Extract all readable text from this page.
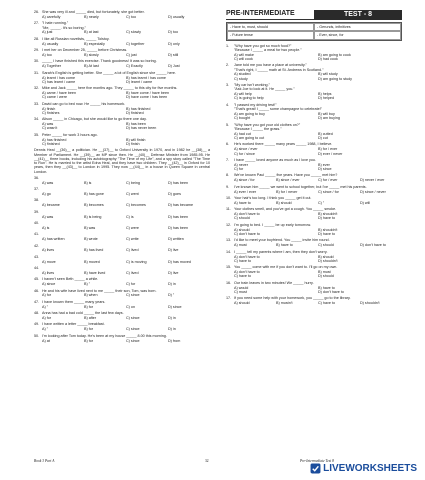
26. She was very ill and _____ died, but fortunately, she got better.
A) carefully	B) nearly	C) too	D) usually
27. "I hate running."
"Me, _____. It's so boring."
A) just	B) at last	C) slowly	D) too
28. I like all Russian novelists, _____ Tolstoy.
A) usually	B) especially	C) together	D) only
29. I met her on December 25, _____ before Christmas.
A) too	B) slowly	C) just	D) still
30. _____ I have finished this exercise. Thank goodness! It was so boring.
A) Together	B) At last	C) Exactly	D) Just
31. Sarah's English is getting better. She _____ a lot of English since she _____ here.
A) learnt / has come	B) has learnt / has come
C) has learnt / came	D) learnt / came
32. Mike and Jack _____ here five months ago. They _____ to this city for five months.
A) came / have been	B) have come / have been
C) came / were	D) have come / has been
33. David can go to bed now. He _____ his homework.
A) finish	B) has finished
C) finishes	D) finished
34. Alison _____ in Chicago, but she would like to go there one day.
A) was	B) has been
C) wasn't	D) has never been
35. Peter _____ for work 3 hours ago.
A) has finished	B) will finish
C) finished	D) finish
Dennis Heal __(36)__ a politician. He __(37)__ to Oxford University in 1970, and in 1982 he __(38)__ a Member of Parliament. He __(39)__ an MP since then. He __(40)__ Defense Minister from 1985-95. He __(41)__ three books, including his autobiography "The Time of my Life", and a spy story called "The Time to Run". He is married to the artist Edna Heal, and they have two children. They __(42)__ in Oxford for 10 years, then they __(43)__ to London in 1995. They now __(44)__ in a house in Queen Square in central London.
36.
A) was	B) is	C) being	D) has been
37.
A) go	B) has gone	C) went	D) goes
38.
A) became	B) becomes	C) becomes	D) has became
39.
A) was	B) is being	C) is	D) has been
40.
A) is	B) was	C) were	D) has been
41.
A) has written	B) wrote	C) write	D) written
42.
A) lives	B) has lived	C) lived	D) live
43.
A) move	B) moved	C) is moving	D) has moved
44.
A) lives	B) have lived	C) lived	D) live
45. I haven't seen Beth _____ a while.
A) since	B) "	C) for	D) in
46. He and his wife have lived next to me _____ their son, Tom, was born.
A) for	B) when	C) since	D) "
47. I have known them _____ many years.
A) "	B) for	C) on	D) since
48. Anna has had a bad cold _____ the last few days.
A) for	B) after	C) since	D) in
49. I have written a letter _____ breakfast.
A) "	B) for	C) since	D) in
50. I'm looking after Tom today. He's been at my house _____ 8.00 this morning.
A) at	B) for	C) since	D) from
PRE-INTERMEDIATE	TEST - 8
- Have to, must, should	- Gerunds, infinitives
- Future tense	- Ever, since, for
1.	"Why have you got so much food?"
"Because I _____ a meal for two people."
A) will make	B) am going to cook
C) will cook	D) had cook
2.	Jane told me you have a place at university."
"That's right, I _____ math at St. Andrews in Scotland."
A) studied	B) will study
C) study	D) am going to study
3.	"My car isn't working."
"Ask Joe to look at it. He _____ you."
A) will help	B) helps
C) is going to help	D) helped
4.	"I passed my driving test!"
"That's great! I _____ some champagne to celebrate!"
A) am going to buy	B) will buy
C) bought	D) am buying
5.	"Why have you got your old clothes on?"
"Because I _____ the grass."
A) had cut	B) cutted
C) am going to cut	D) cut
6.	He's worked there _____ many years _____ 1988, I believe.
A) since / ever	B) for / ever
C) for / since	D) ever / never
7.	I have _____ loved anyone as much as I love you.
A) never	B) ever
C) for	D) since
8.	We've known Paul _____ five years. Have you _____ met him?
A) since / for	B) since / ever	C) for / ever	D) never / ever
9.	I've known him _____ we went to school together, but I've _____ met his parents.
A) ever / ever	B) for / never	C) since / for	D) since / never
10. Your hair's too long. I think you _____ get it cut.
A) have to	B) should	C) "	D) will
11. Your clothes smell, and you've got a cough. You _____ smoke.
A) don't have to	B) shouldn't
C) should	D) have to
12. I'm going to bed. I _____ be up early tomorrow.
A) should	B) shouldn't
C) don't have to	D) have to
13. I'd like to meet your boyfriend. You _____ invite him round.
A) must	B) have to	C) should	D) don't have to
14. I _____ tell my parents where I am, then they don't worry.
A) don't have to	B) should
C) have to	D) shouldn't
15. You _____ come with me if you don't want to. I'll go on my own.
A) don't have to	B) must
C) have to	D) should
16. Our train leaves in two minutes! We _____ hurry.
A) would	B) have to
C) must	D) don't have to
17. If you need some help with your homework, you _____ go to the library.
A) should	B) mustn't	C) have to	D) shouldn't
Book 3 Part A	32	Pre-Intermediate Test 8
LIVEWORKSHEETS
